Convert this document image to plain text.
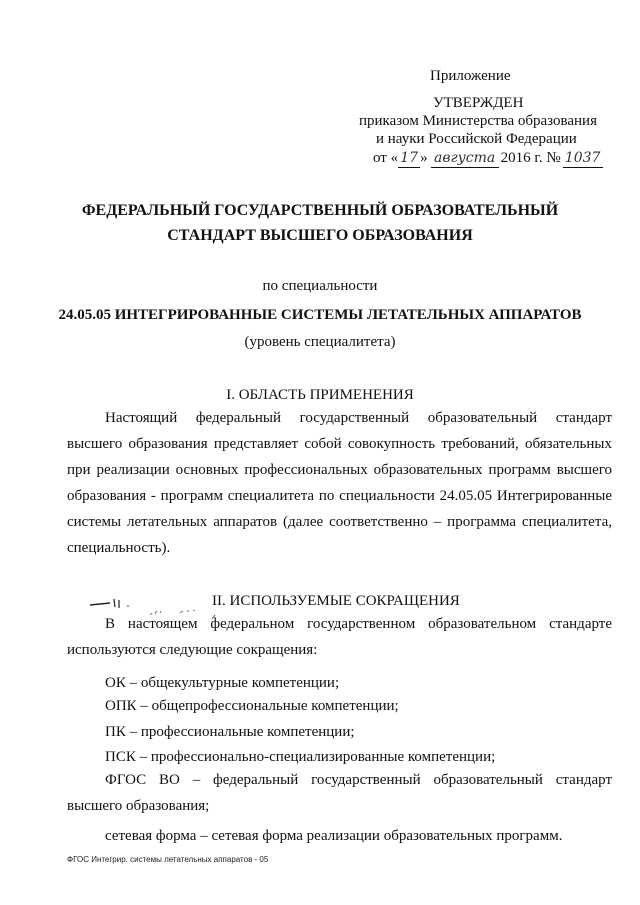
Приложение
УТВЕРЖДЕН
приказом Министерства образования
и науки Российской Федерации
от « 17 » августа 2016 г. № 1037
ФЕДЕРАЛЬНЫЙ ГОСУДАРСТВЕННЫЙ ОБРАЗОВАТЕЛЬНЫЙ
СТАНДАРТ ВЫСШЕГО ОБРАЗОВАНИЯ
по специальности
24.05.05 ИНТЕГРИРОВАННЫЕ СИСТЕМЫ ЛЕТАТЕЛЬНЫХ АППАРАТОВ
(уровень специалитета)
I. ОБЛАСТЬ ПРИМЕНЕНИЯ
Настоящий федеральный государственный образовательный стандарт
высшего образования представляет собой совокупность требований, обязательных
при реализации основных профессиональных образовательных программ высшего
образования - программ специалитета по специальности 24.05.05 Интегрированные
системы летательных аппаратов (далее соответственно – программа специалитета,
специальность).
II. ИСПОЛЬЗУЕМЫЕ СОКРАЩЕНИЯ
В настоящем федеральном государственном образовательном стандарте
используются следующие сокращения:
ОК – общекультурные компетенции;
ОПК – общепрофессиональные компетенции;
ПК – профессиональные компетенции;
ПСК – профессионально-специализированные компетенции;
ФГОС ВО – федеральный государственный образовательный стандарт
высшего образования;
сетевая форма – сетевая форма реализации образовательных программ.
ФГОС Интегрир. системы летательных аппаратов - 05
